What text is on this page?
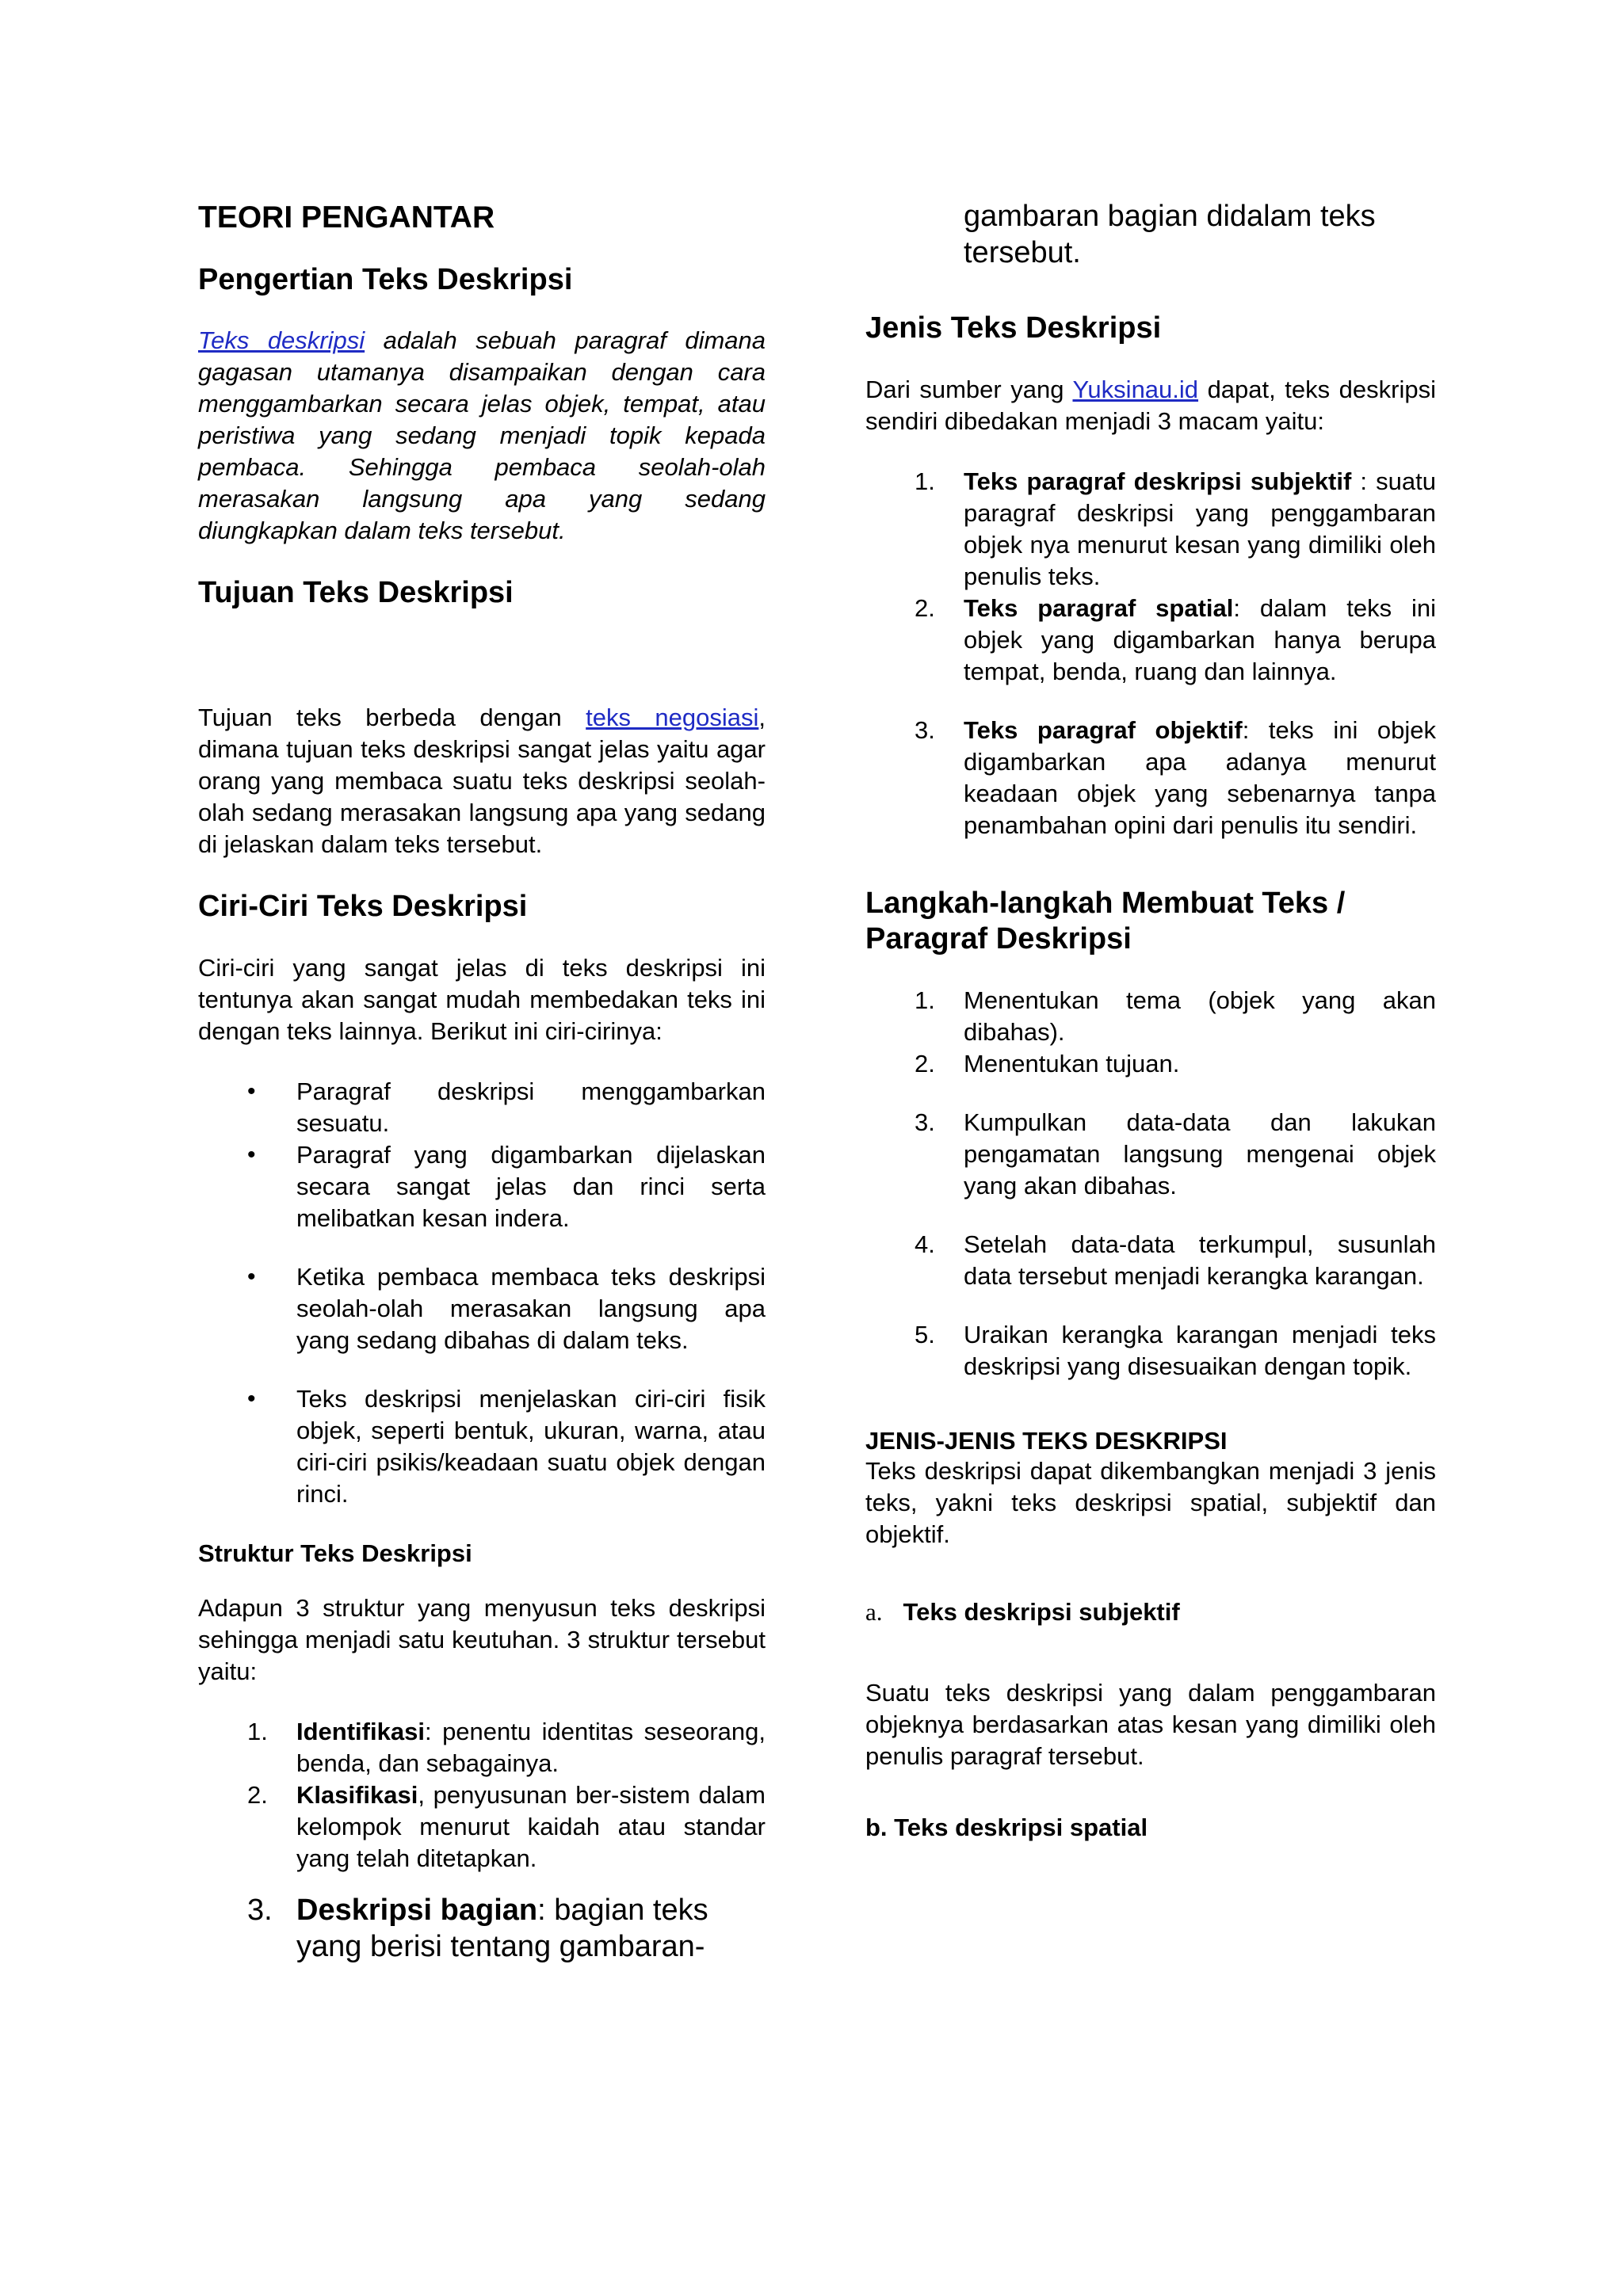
TEORI PENGANTAR
Pengertian Teks Deskripsi

Teks deskripsi adalah sebuah paragraf dimana gagasan utamanya disampaikan dengan cara menggambarkan secara jelas objek, tempat, atau peristiwa yang sedang menjadi topik kepada pembaca. Sehingga pembaca seolah-olah merasakan langsung apa yang sedang diungkapkan dalam teks tersebut.

Tujuan Teks Deskripsi

Tujuan teks berbeda dengan teks negosiasi, dimana tujuan teks deskripsi sangat jelas yaitu agar orang yang membaca suatu teks deskripsi seolah-olah sedang merasakan langsung apa yang sedang di jelaskan dalam teks tersebut.

Ciri-Ciri Teks Deskripsi

Ciri-ciri yang sangat jelas di teks deskripsi ini tentunya akan sangat mudah membedakan teks ini dengan teks lainnya. Berikut ini ciri-cirinya:

• Paragraf deskripsi menggambarkan sesuatu.
• Paragraf yang digambarkan dijelaskan secara sangat jelas dan rinci serta melibatkan kesan indera.
• Ketika pembaca membaca teks deskripsi seolah-olah merasakan langsung apa yang sedang dibahas di dalam teks.
• Teks deskripsi menjelaskan ciri-ciri fisik objek, seperti bentuk, ukuran, warna, atau ciri-ciri psikis/keadaan suatu objek dengan rinci.
Struktur Teks Deskripsi

Adapun 3 struktur yang menyusun teks deskripsi sehingga menjadi satu keutuhan. 3 struktur tersebut yaitu:

1. Identifikasi: penentu identitas seseorang, benda, dan sebagainya.
2. Klasifikasi, penyusunan ber-sistem dalam kelompok menurut kaidah atau standar yang telah ditetapkan.
3. Deskripsi bagian: bagian teks yang berisi tentang gambaran-
gambaran bagian didalam teks tersebut.
Jenis Teks Deskripsi

Dari sumber yang Yuksinau.id dapat, teks deskripsi sendiri dibedakan menjadi 3 macam yaitu:

1. Teks paragraf deskripsi subjektif : suatu paragraf deskripsi yang penggambaran objek nya menurut kesan yang dimiliki oleh penulis teks.
2. Teks paragraf spatial: dalam teks ini objek yang digambarkan hanya berupa tempat, benda, ruang dan lainnya.
3. Teks paragraf objektif: teks ini objek digambarkan apa adanya menurut keadaan objek yang sebenarnya tanpa penambahan opini dari penulis itu sendiri.
Langkah-langkah Membuat Teks / Paragraf Deskripsi
1. Menentukan tema (objek yang akan dibahas).
2. Menentukan tujuan.
3. Kumpulkan data-data dan lakukan pengamatan langsung mengenai objek yang akan dibahas.
4. Setelah data-data terkumpul, susunlah data tersebut menjadi kerangka karangan.
5. Uraikan kerangka karangan menjadi teks deskripsi yang disesuaikan dengan topik.
JENIS-JENIS TEKS DESKRIPSI

Teks deskripsi dapat dikembangkan menjadi 3 jenis teks, yakni teks deskripsi spatial, subjektif dan objektif.

a. Teks deskripsi subjektif

Suatu teks deskripsi yang dalam penggambaran objeknya berdasarkan atas kesan yang dimiliki oleh penulis paragraf tersebut.

b. Teks deskripsi spatial
